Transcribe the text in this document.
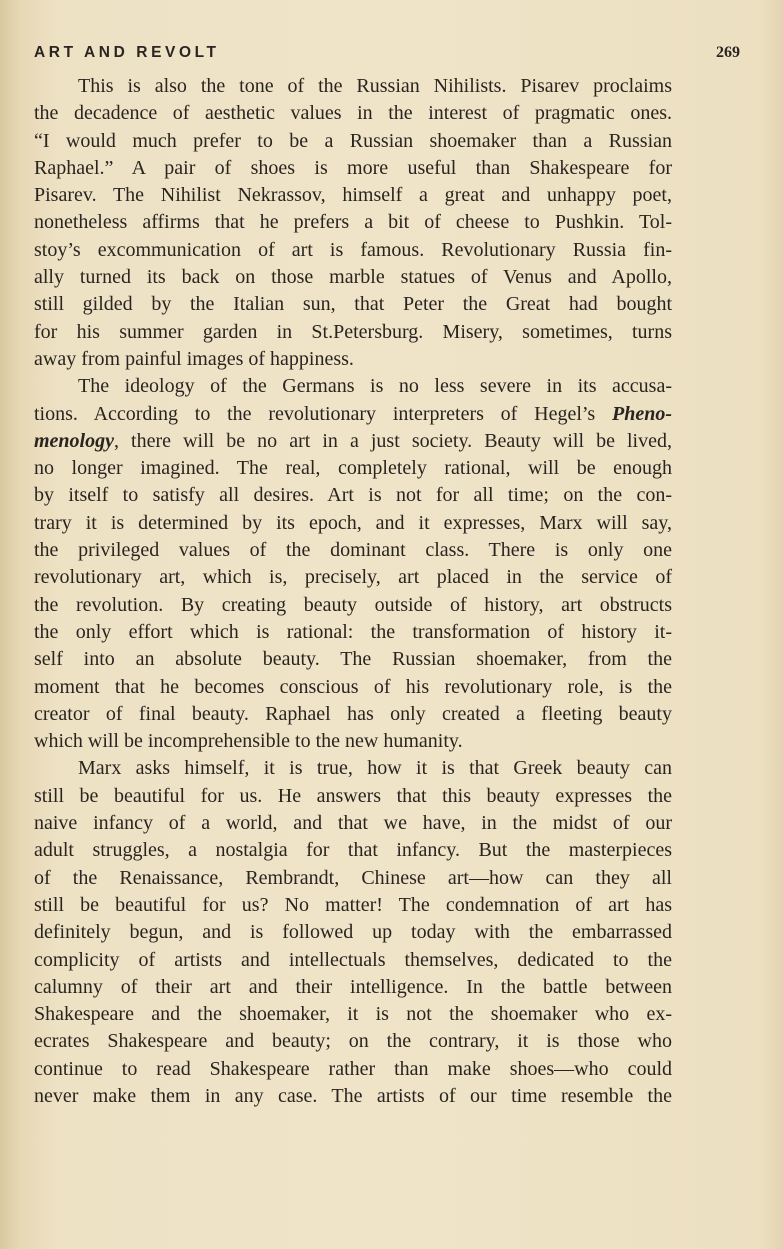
ART AND REVOLT	269

This is also the tone of the Russian Nihilists. Pisarev proclaims
the decadence of aesthetic values in the interest of pragmatic ones.
“I would much prefer to be a Russian shoemaker than a Russian
Raphael.” A pair of shoes is more useful than Shakespeare for
Pisarev. The Nihilist Nekrassov, himself a great and unhappy poet,
nonetheless affirms that he prefers a bit of cheese to Pushkin. Tol-
stoy’s excommunication of art is famous. Revolutionary Russia fin-
ally turned its back on those marble statues of Venus and Apollo,
still gilded by the Italian sun, that Peter the Great had bought
for his summer garden in St.Petersburg. Misery, sometimes, turns
away from painful images of happiness.

The ideology of the Germans is no less severe in its accusa-
tions. According to the revolutionary interpreters of Hegel’s Pheno-
menology, there will be no art in a just society. Beauty will be lived,
no longer imagined. The real, completely rational, will be enough
by itself to satisfy all desires. Art is not for all time; on the con-
trary it is determined by its epoch, and it expresses, Marx will say,
the privileged values of the dominant class. There is only one
revolutionary art, which is, precisely, art placed in the service of
the revolution. By creating beauty outside of history, art obstructs
the only effort which is rational: the transformation of history it-
self into an absolute beauty. The Russian shoemaker, from the
moment that he becomes conscious of his revolutionary role, is the
creator of final beauty. Raphael has only created a fleeting beauty
which will be incomprehensible to the new humanity.

Marx asks himself, it is true, how it is that Greek beauty can
still be beautiful for us. He answers that this beauty expresses the
naive infancy of a world, and that we have, in the midst of our
adult struggles, a nostalgia for that infancy. But the masterpieces
of the Renaissance, Rembrandt, Chinese art—how can they all
still be beautiful for us? No matter! The condemnation of art has
definitely begun, and is followed up today with the embarrassed
complicity of artists and intellectuals themselves, dedicated to the
calumny of their art and their intelligence. In the battle between
Shakespeare and the shoemaker, it is not the shoemaker who ex-
ecrates Shakespeare and beauty; on the contrary, it is those who
continue to read Shakespeare rather than make shoes—who could
never make them in any case. The artists of our time resemble the
